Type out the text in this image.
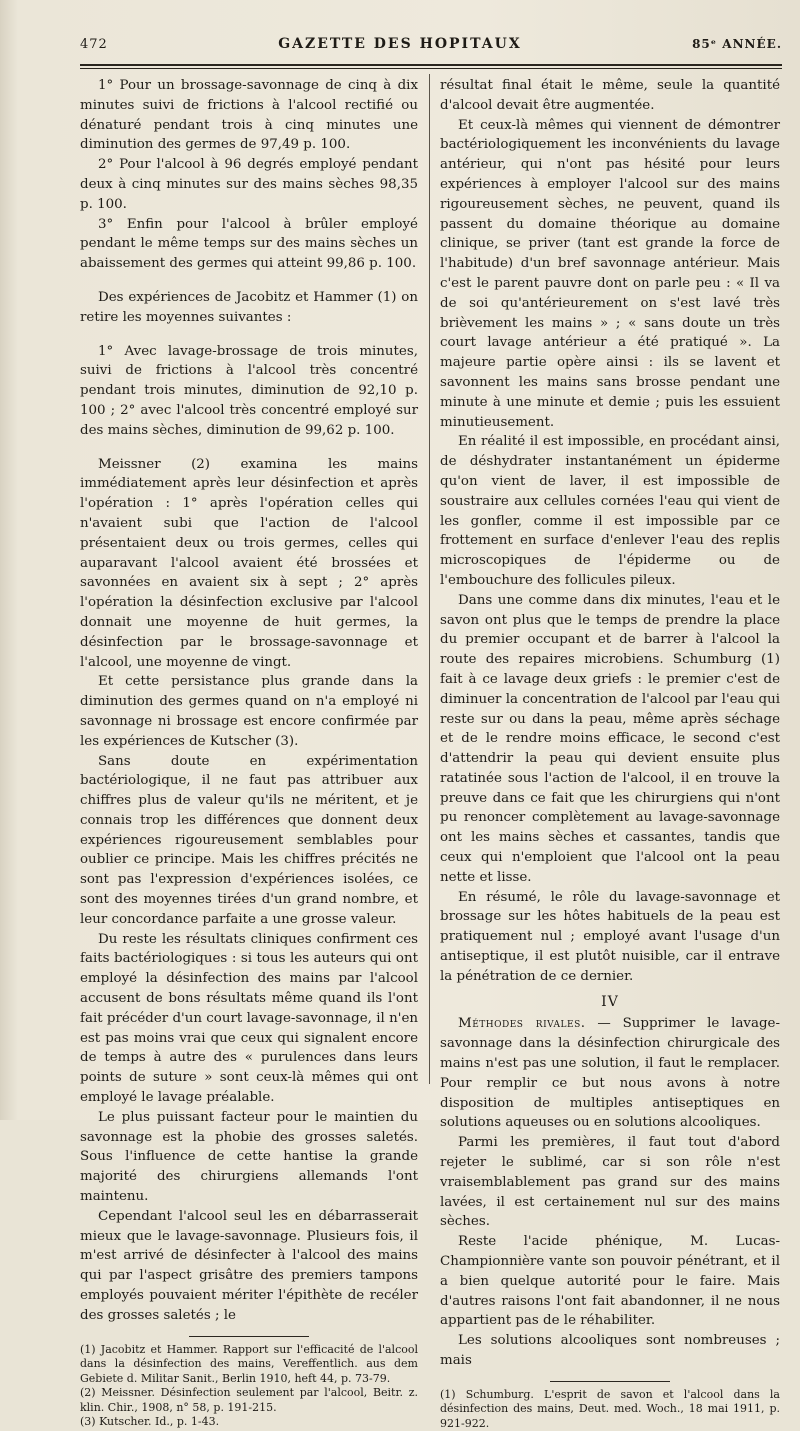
472	GAZETTE DES HOPITAUX	85ᵉ ANNÉE.

1° Pour un brossage-savonnage de cinq à dix minutes suivi de frictions à l'alcool rectifié ou dénaturé pendant trois à cinq minutes une diminution des germes de 97,49 p. 100.

2° Pour l'alcool à 96 degrés employé pendant deux à cinq minutes sur des mains sèches 98,35 p. 100.

3° Enfin pour l'alcool à brûler employé pendant le même temps sur des mains sèches un abaissement des germes qui atteint 99,86 p. 100.

Des expériences de Jacobitz et Hammer (1) on retire les moyennes suivantes :

1° Avec lavage-brossage de trois minutes, suivi de frictions à l'alcool très concentré pendant trois minutes, diminution de 92,10 p. 100 ; 2° avec l'alcool très concentré employé sur des mains sèches, diminution de 99,62 p. 100.

Meissner (2) examina les mains immédiatement après leur désinfection et après l'opération : 1° après l'opération celles qui n'avaient subi que l'action de l'alcool présentaient deux ou trois germes, celles qui auparavant l'alcool avaient été brossées et savonnées en avaient six à sept ; 2° après l'opération la désinfection exclusive par l'alcool donnait une moyenne de huit germes, la désinfection par le brossage-savonnage et l'alcool, une moyenne de vingt.

Et cette persistance plus grande dans la diminution des germes quand on n'a employé ni savonnage ni brossage est encore confirmée par les expériences de Kutscher (3).

Sans doute en expérimentation bactériologique, il ne faut pas attribuer aux chiffres plus de valeur qu'ils ne méritent, et je connais trop les différences que donnent deux expériences rigoureusement semblables pour oublier ce principe. Mais les chiffres précités ne sont pas l'expression d'expériences isolées, ce sont des moyennes tirées d'un grand nombre, et leur concordance parfaite a une grosse valeur.

Du reste les résultats cliniques confirment ces faits bactériologiques : si tous les auteurs qui ont employé la désinfection des mains par l'alcool accusent de bons résultats même quand ils l'ont fait précéder d'un court lavage-savonnage, il n'en est pas moins vrai que ceux qui signalent encore de temps à autre des « purulences dans leurs points de suture » sont ceux-là mêmes qui ont employé le lavage préalable.

Le plus puissant facteur pour le maintien du savonnage est la phobie des grosses saletés. Sous l'influence de cette hantise la grande majorité des chirurgiens allemands l'ont maintenu.

Cependant l'alcool seul les en débarrasserait mieux que le lavage-savonnage. Plusieurs fois, il m'est arrivé de désinfecter à l'alcool des mains qui par l'aspect grisâtre des premiers tampons employés pouvaient mériter l'épithète de recéler des grosses saletés ; le

(1) Jacobitz et Hammer. Rapport sur l'efficacité de l'alcool dans la désinfection des mains, Vereffentlich. aus dem Gebiete d. Militar Sanit., Berlin 1910, heft 44, p. 73-79.

(2) Meissner. Désinfection seulement par l'alcool, Beitr. z. klin. Chir., 1908, n° 58, p. 191-215.

(3) Kutscher. Id., p. 1-43.

résultat final était le même, seule la quantité d'alcool devait être augmentée.

Et ceux-là mêmes qui viennent de démontrer bactériologiquement les inconvénients du lavage antérieur, qui n'ont pas hésité pour leurs expériences à employer l'alcool sur des mains rigoureusement sèches, ne peuvent, quand ils passent du domaine théorique au domaine clinique, se priver (tant est grande la force de l'habitude) d'un bref savonnage antérieur. Mais c'est le parent pauvre dont on parle peu : « Il va de soi qu'antérieurement on s'est lavé très brièvement les mains » ; « sans doute un très court lavage antérieur a été pratiqué ». La majeure partie opère ainsi : ils se lavent et savonnent les mains sans brosse pendant une minute à une minute et demie ; puis les essuient minutieusement.

En réalité il est impossible, en procédant ainsi, de déshydrater instantanément un épiderme qu'on vient de laver, il est impossible de soustraire aux cellules cornées l'eau qui vient de les gonfler, comme il est impossible par ce frottement en surface d'enlever l'eau des replis microscopiques de l'épiderme ou de l'embouchure des follicules pileux.

Dans une comme dans dix minutes, l'eau et le savon ont plus que le temps de prendre la place du premier occupant et de barrer à l'alcool la route des repaires microbiens. Schumburg (1) fait à ce lavage deux griefs : le premier c'est de diminuer la concentration de l'alcool par l'eau qui reste sur ou dans la peau, même après séchage et de le rendre moins efficace, le second c'est d'attendrir la peau qui devient ensuite plus ratatinée sous l'action de l'alcool, il en trouve la preuve dans ce fait que les chirurgiens qui n'ont pu renoncer complètement au lavage-savonnage ont les mains sèches et cassantes, tandis que ceux qui n'emploient que l'alcool ont la peau nette et lisse.

En résumé, le rôle du lavage-savonnage et brossage sur les hôtes habituels de la peau est pratiquement nul ; employé avant l'usage d'un antiseptique, il est plutôt nuisible, car il entrave la pénétration de ce dernier.

IV

Méthodes rivales. — Supprimer le lavage-savonnage dans la désinfection chirurgicale des mains n'est pas une solution, il faut le remplacer. Pour remplir ce but nous avons à notre disposition de multiples antiseptiques en solutions aqueuses ou en solutions alcooliques.

Parmi les premières, il faut tout d'abord rejeter le sublimé, car si son rôle n'est vraisemblablement pas grand sur des mains lavées, il est certainement nul sur des mains sèches.

Reste l'acide phénique, M. Lucas-Championnière vante son pouvoir pénétrant, et il a bien quelque autorité pour le faire. Mais d'autres raisons l'ont fait abandonner, il ne nous appartient pas de le réhabiliter.

Les solutions alcooliques sont nombreuses ; mais

(1) Schumburg. L'esprit de savon et l'alcool dans la désinfection des mains, Deut. med. Woch., 18 mai 1911, p. 921-922.
